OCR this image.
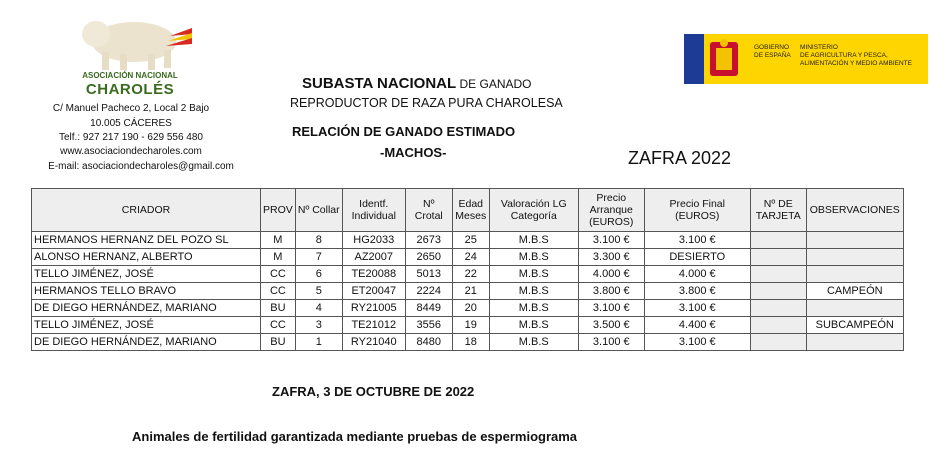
ASOCIACIÓN NACIONAL
CHAROLÉS
C/ Manuel Pacheco 2, Local 2 Bajo
10.005 CÁCERES
Telf.: 927 217 190 - 629 556 480
www.asociaciondecharoles.com
E-mail: asociaciondecharoles@gmail.com
SUBASTA NACIONAL DE GANADO
REPRODUCTOR DE RAZA PURA CHAROLESA
RELACIÓN DE GANADO ESTIMADO
-MACHOS-	ZAFRA 2022
GOBIERNO
DE ESPAÑA
MINISTERIO
DE AGRICULTURA Y PESCA,
ALIMENTACIÓN Y MEDIO AMBIENTE
CRIADOR	PROV	Nº Collar	Identf. Individual	Nº Crotal	Edad Meses	Valoración LG Categoría	Precio Arranque (EUROS)	Precio Final (EUROS)	Nº DE TARJETA	OBSERVACIONES
HERMANOS HERNANZ DEL POZO SL	M	8	HG2033	2673	25	M.B.S	3.100 €	3.100 €		
ALONSO HERNANZ, ALBERTO	M	7	AZ2007	2650	24	M.B.S	3.300 €	DESIERTO		
TELLO JIMÉNEZ, JOSÉ	CC	6	TE20088	5013	22	M.B.S	4.000 €	4.000 €		
HERMANOS TELLO BRAVO	CC	5	ET20047	2224	21	M.B.S	3.800 €	3.800 €		CAMPEÓN
DE DIEGO HERNÁNDEZ, MARIANO	BU	4	RY21005	8449	20	M.B.S	3.100 €	3.100 €		
TELLO JIMÉNEZ, JOSÉ	CC	3	TE21012	3556	19	M.B.S	3.500 €	4.400 €		SUBCAMPEÓN
DE DIEGO HERNÁNDEZ, MARIANO	BU	1	RY21040	8480	18	M.B.S	3.100 €	3.100 €		
ZAFRA, 3 DE OCTUBRE DE 2022
Animales de fertilidad garantizada mediante pruebas de espermiograma
